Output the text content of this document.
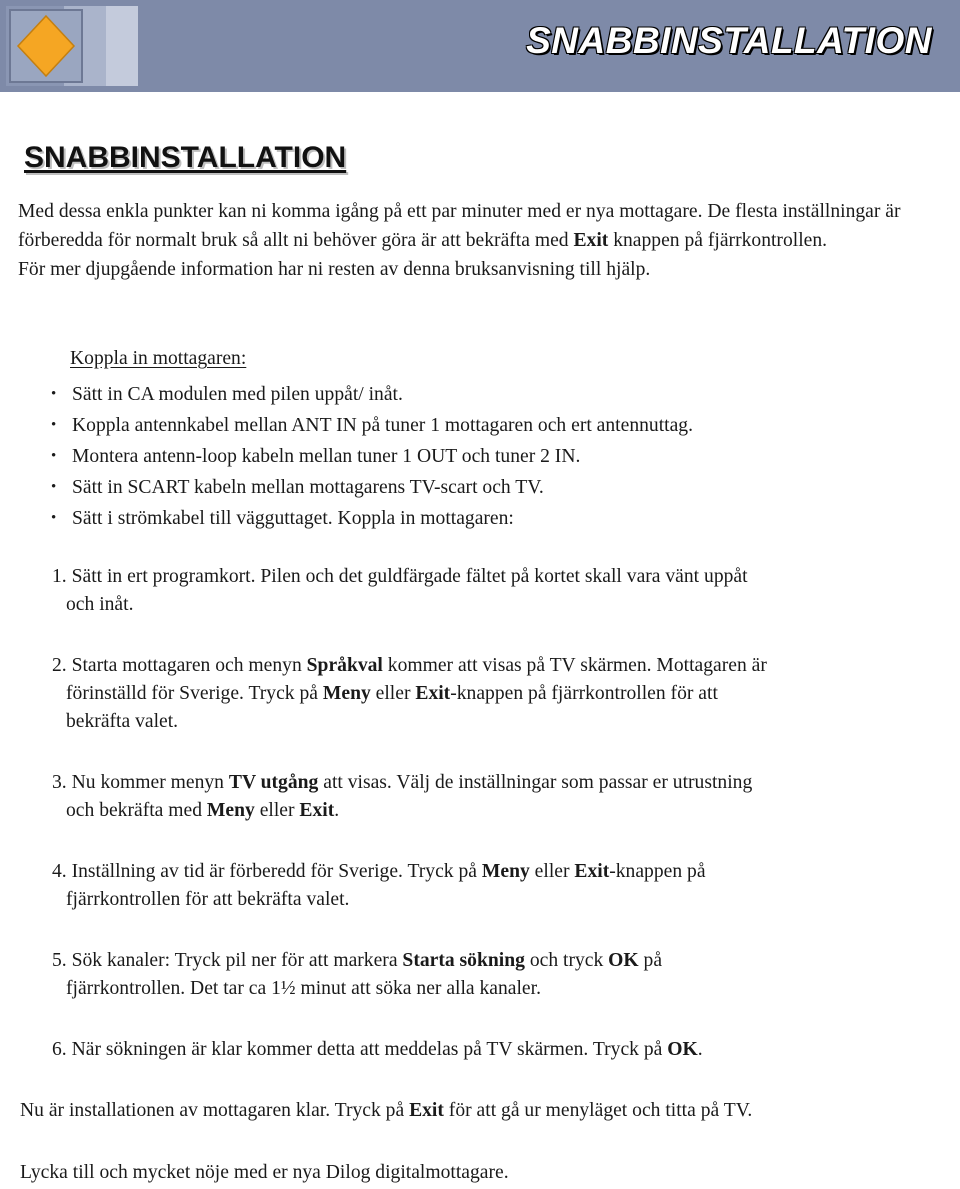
SNABBINSTALLATION
SNABBINSTALLATION

Med dessa enkla punkter kan ni komma igång på ett par minuter med er nya mottagare. De flesta inställningar är förberedda för normalt bruk så allt ni behöver göra är att bekräfta med Exit knappen på fjärrkontrollen.

För mer djupgående information har ni resten av denna bruksanvisning till hjälp.

Koppla in mottagaren:
• Sätt in CA modulen med pilen uppåt/ inåt.
• Koppla antennkabel mellan ANT IN på tuner 1 mottagaren och ert antennuttag.
• Montera antenn-loop kabeln mellan tuner 1 OUT och tuner 2 IN.
• Sätt in SCART kabeln mellan mottagarens TV-scart och TV.
• Sätt i strömkabel till vägguttaget. Koppla in mottagaren:
1. Sätt in ert programkort. Pilen och det guldfärgade fältet på kortet skall vara vänt uppåt
och inåt.
2. Starta mottagaren och menyn Språkval kommer att visas på TV skärmen. Mottagaren är
förinställd för Sverige. Tryck på Meny eller Exit-knappen på fjärrkontrollen för att
bekräfta valet.
3. Nu kommer menyn TV utgång att visas. Välj de inställningar som passar er utrustning
och bekräfta med Meny eller Exit.
4. Inställning av tid är förberedd för Sverige. Tryck på Meny eller Exit-knappen på
fjärrkontrollen för att bekräfta valet.
5. Sök kanaler: Tryck pil ner för att markera Starta sökning och tryck OK på
fjärrkontrollen. Det tar ca 1½ minut att söka ner alla kanaler.
6. När sökningen är klar kommer detta att meddelas på TV skärmen. Tryck på OK.
Nu är installationen av mottagaren klar. Tryck på Exit för att gå ur menyläget och titta på TV.
Lycka till och mycket nöje med er nya Dilog digitalmottagare.
